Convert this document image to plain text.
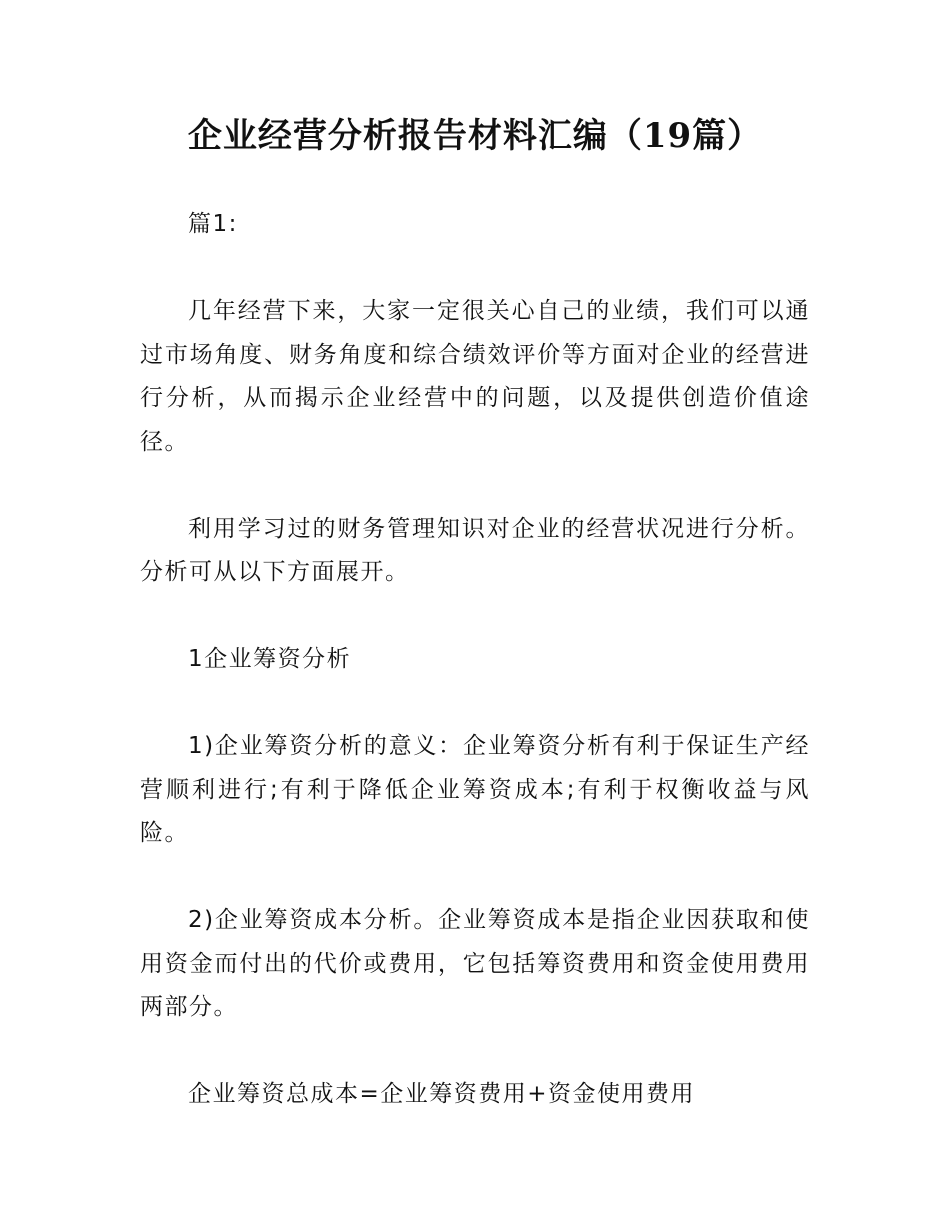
企业经营分析报告材料汇编（19篇）

篇1:

几年经营下来，大家一定很关心自己的业绩，我们可以通过市场角度、财务角度和综合绩效评价等方面对企业的经营进行分析，从而揭示企业经营中的问题，以及提供创造价值途径。

利用学习过的财务管理知识对企业的经营状况进行分析。分析可从以下方面展开。

1企业筹资分析

1)企业筹资分析的意义：企业筹资分析有利于保证生产经营顺利进行;有利于降低企业筹资成本;有利于权衡收益与风险。

2)企业筹资成本分析。企业筹资成本是指企业因获取和使用资金而付出的代价或费用，它包括筹资费用和资金使用费用两部分。

企业筹资总成本=企业筹资费用+资金使用费用
